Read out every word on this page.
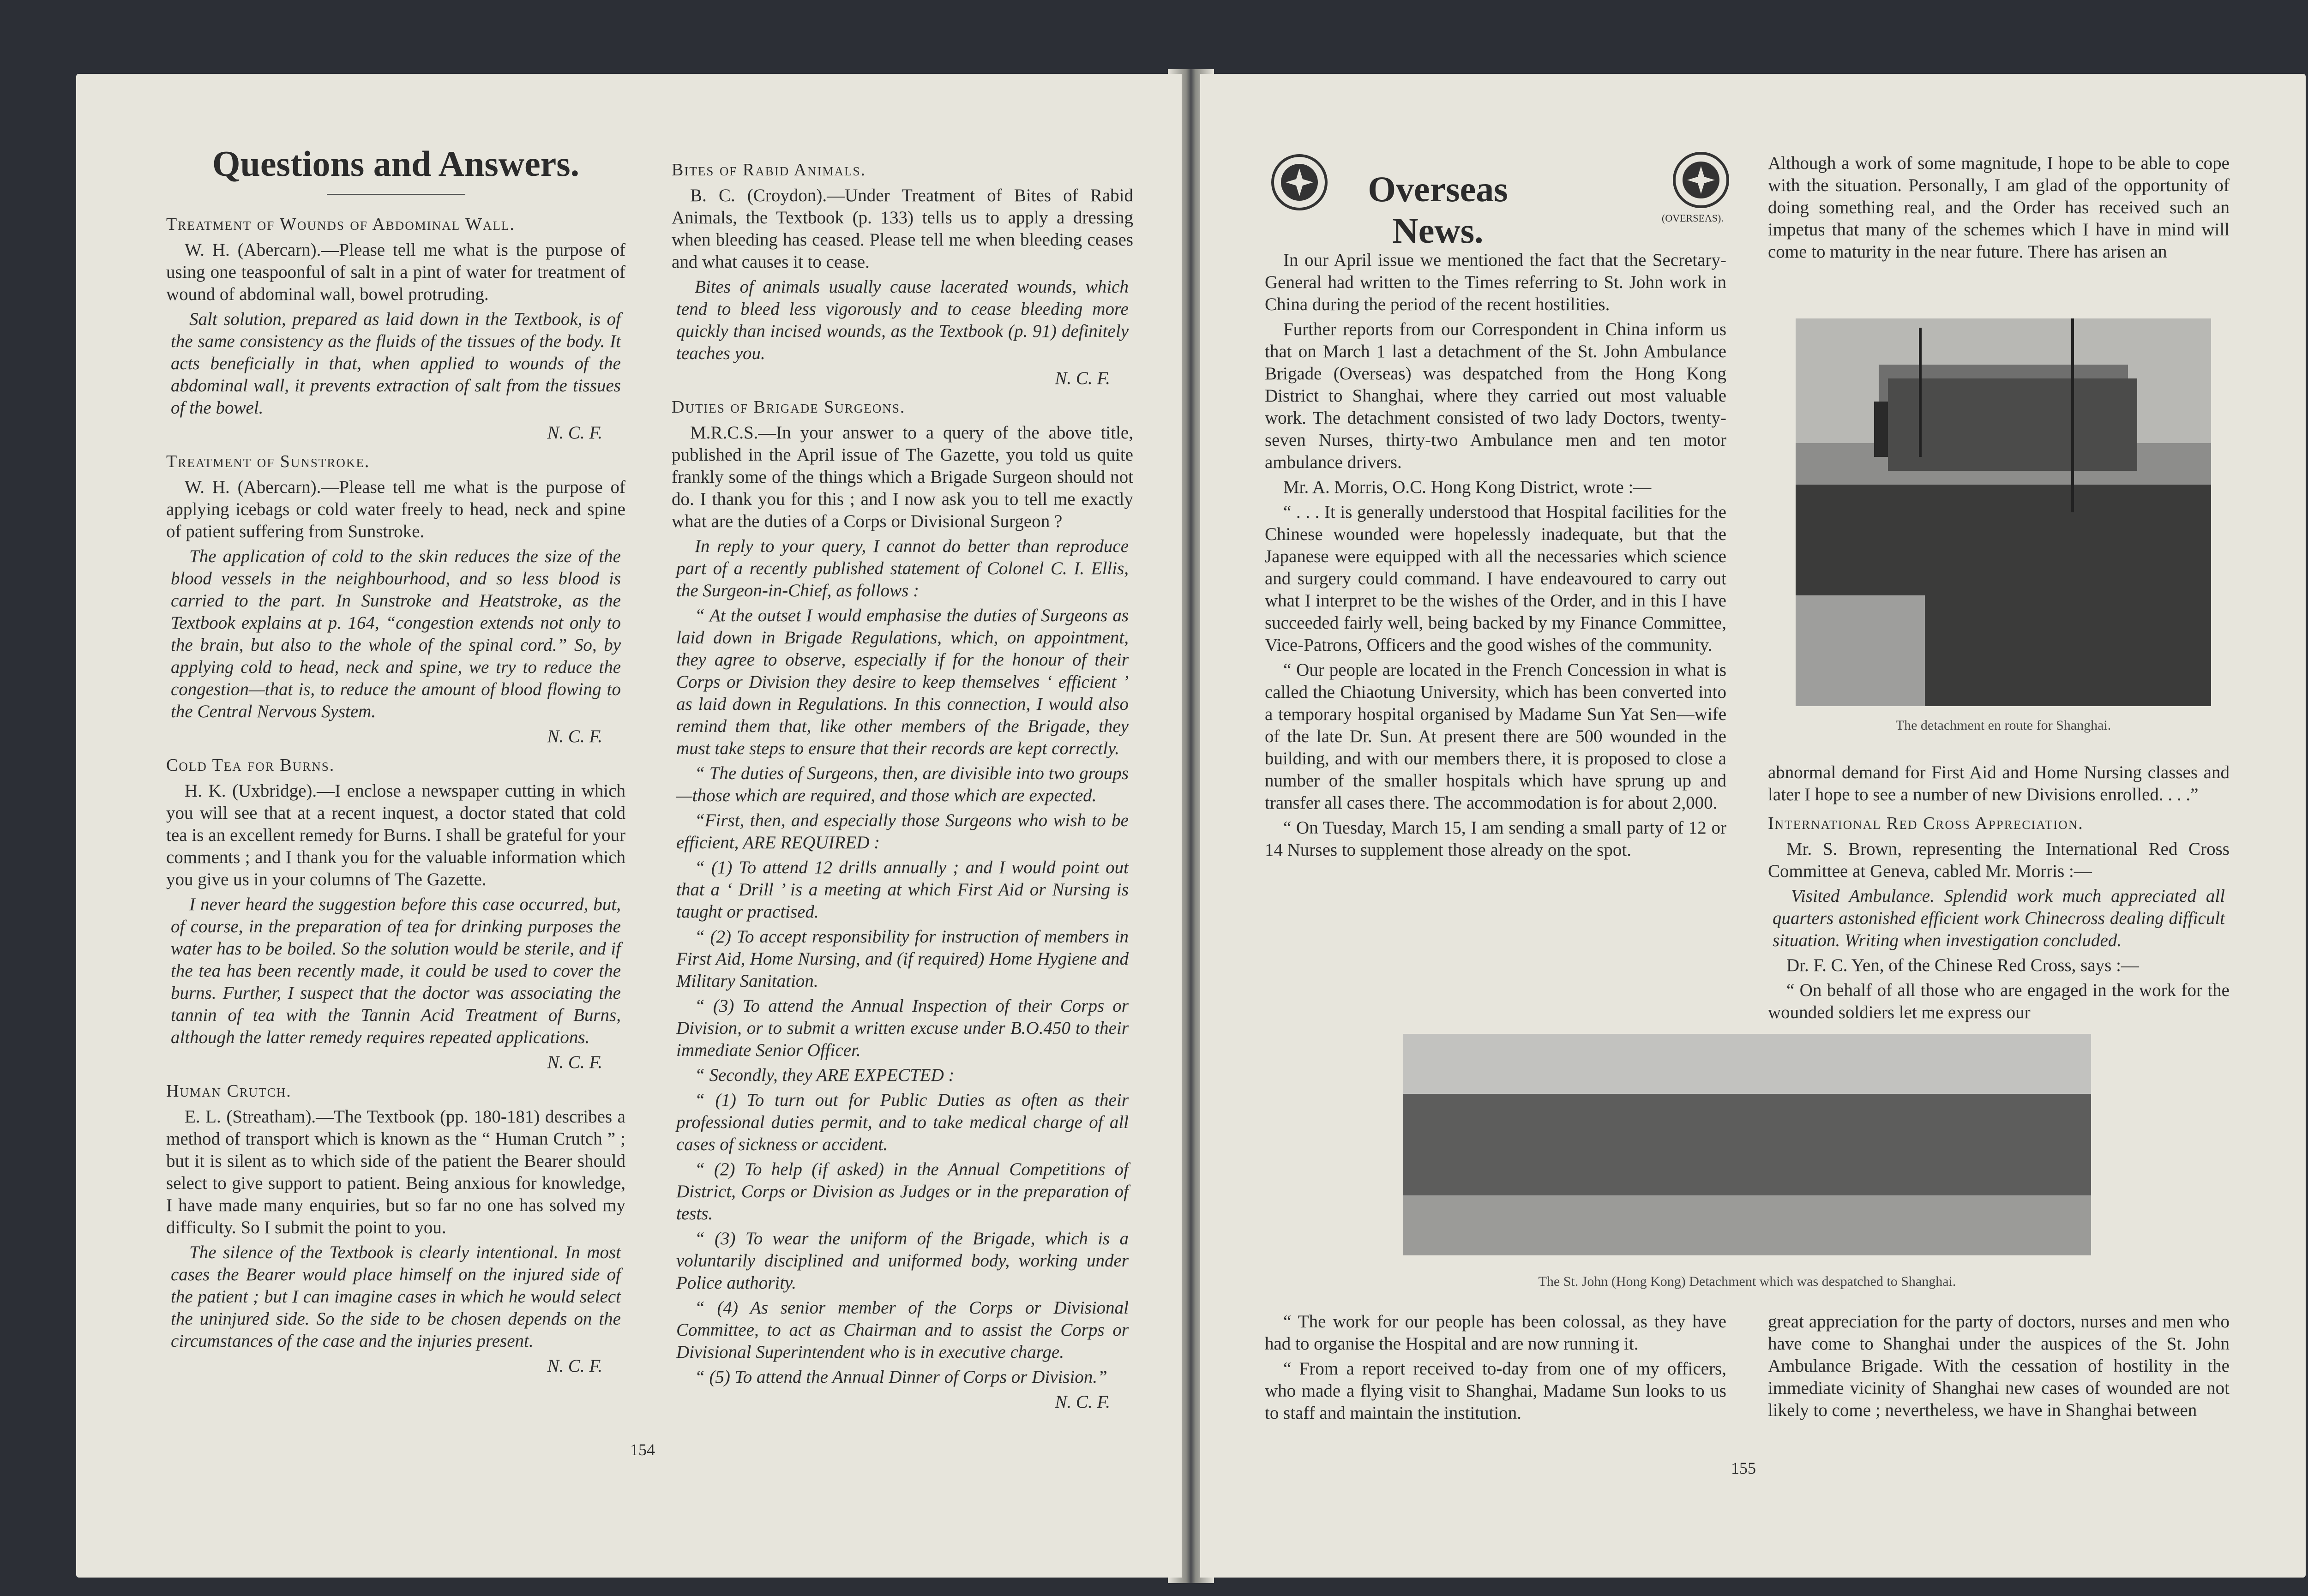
Questions and Answers.
Treatment of Wounds of Abdominal Wall.

W. H. (Abercarn).—Please tell me what is the purpose of using one teaspoonful of salt in a pint of water for treatment of wound of abdominal wall, bowel protruding.

Salt solution, prepared as laid down in the Textbook, is of the same consistency as the fluids of the tissues of the body. It acts beneficially in that, when applied to wounds of the abdominal wall, it prevents extraction of salt from the tissues of the bowel.

N. C. F.
Treatment of Sunstroke.

W. H. (Abercarn).—Please tell me what is the purpose of applying icebags or cold water freely to head, neck and spine of patient suffering from Sunstroke.

The application of cold to the skin reduces the size of the blood vessels in the neighbourhood, and so less blood is carried to the part. In Sunstroke and Heatstroke, as the Textbook explains at p. 164, “congestion extends not only to the brain, but also to the whole of the spinal cord.” So, by applying cold to head, neck and spine, we try to reduce the congestion—that is, to reduce the amount of blood flowing to the Central Nervous System.

N. C. F.
Cold Tea for Burns.

H. K. (Uxbridge).—I enclose a newspaper cutting in which you will see that at a recent inquest, a doctor stated that cold tea is an excellent remedy for Burns. I shall be grateful for your comments ; and I thank you for the valuable information which you give us in your columns of The Gazette.

I never heard the suggestion before this case occurred, but, of course, in the preparation of tea for drinking purposes the water has to be boiled. So the solution would be sterile, and if the tea has been recently made, it could be used to cover the burns. Further, I suspect that the doctor was associating the tannin of tea with the Tannin Acid Treatment of Burns, although the latter remedy requires repeated applications.

N. C. F.
Human Crutch.

E. L. (Streatham).—The Textbook (pp. 180-181) describes a method of transport which is known as the “ Human Crutch ” ; but it is silent as to which side of the patient the Bearer should select to give support to patient. Being anxious for knowledge, I have made many enquiries, but so far no one has solved my difficulty. So I submit the point to you.

The silence of the Textbook is clearly intentional. In most cases the Bearer would place himself on the injured side of the patient ; but I can imagine cases in which he would select the uninjured side. So the side to be chosen depends on the circumstances of the case and the injuries present.

N. C. F.
Bites of Rabid Animals.

B. C. (Croydon).—Under Treatment of Bites of Rabid Animals, the Textbook (p. 133) tells us to apply a dressing when bleeding has ceased. Please tell me when bleeding ceases and what causes it to cease.

Bites of animals usually cause lacerated wounds, which tend to bleed less vigorously and to cease bleeding more quickly than incised wounds, as the Textbook (p. 91) definitely teaches you.

N. C. F.
Duties of Brigade Surgeons.

M.R.C.S.—In your answer to a query of the above title, published in the April issue of The Gazette, you told us quite frankly some of the things which a Brigade Surgeon should not do. I thank you for this ; and I now ask you to tell me exactly what are the duties of a Corps or Divisional Surgeon ?

In reply to your query, I cannot do better than reproduce part of a recently published statement of Colonel C. I. Ellis, the Surgeon-in-Chief, as follows :

“ At the outset I would emphasise the duties of Surgeons as laid down in Brigade Regulations, which, on appointment, they agree to observe, especially if for the honour of their Corps or Division they desire to keep themselves ‘ efficient ’ as laid down in Regulations. In this connection, I would also remind them that, like other members of the Brigade, they must take steps to ensure that their records are kept correctly.

“ The duties of Surgeons, then, are divisible into two groups—those which are required, and those which are expected.

“First, then, and especially those Surgeons who wish to be efficient, ARE REQUIRED :

“ (1) To attend 12 drills annually ; and I would point out that a ‘ Drill ’ is a meeting at which First Aid or Nursing is taught or practised.

“ (2) To accept responsibility for instruction of members in First Aid, Home Nursing, and (if required) Home Hygiene and Military Sanitation.

“ (3) To attend the Annual Inspection of their Corps or Division, or to submit a written excuse under B.O.450 to their immediate Senior Officer.

“ Secondly, they ARE EXPECTED :

“ (1) To turn out for Public Duties as often as their professional duties permit, and to take medical charge of all cases of sickness or accident.

“ (2) To help (if asked) in the Annual Competitions of District, Corps or Division as Judges or in the preparation of tests.

“ (3) To wear the uniform of the Brigade, which is a voluntarily disciplined and uniformed body, working under Police authority.

“ (4) As senior member of the Corps or Divisional Committee, to act as Chairman and to assist the Corps or Divisional Superintendent who is in executive charge.

“ (5) To attend the Annual Dinner of Corps or Division.”

N. C. F.
154
Overseas News.	(OVERSEAS).

In our April issue we mentioned the fact that the Secretary-General had written to the Times referring to St. John work in China during the period of the recent hostilities.

Further reports from our Correspondent in China inform us that on March 1 last a detachment of the St. John Ambulance Brigade (Overseas) was despatched from the Hong Kong District to Shanghai, where they carried out most valuable work. The detachment consisted of two lady Doctors, twenty-seven Nurses, thirty-two Ambulance men and ten motor ambulance drivers.

Mr. A. Morris, O.C. Hong Kong District, wrote :—

“ . . . It is generally understood that Hospital facilities for the Chinese wounded were hopelessly inadequate, but that the Japanese were equipped with all the necessaries which science and surgery could command. I have endeavoured to carry out what I interpret to be the wishes of the Order, and in this I have succeeded fairly well, being backed by my Finance Committee, Vice-Patrons, Officers and the good wishes of the community.

“ Our people are located in the French Concession in what is called the Chiaotung University, which has been converted into a temporary hospital organised by Madame Sun Yat Sen—wife of the late Dr. Sun. At present there are 500 wounded in the building, and with our members there, it is proposed to close a number of the smaller hospitals which have sprung up and transfer all cases there. The accommodation is for about 2,000.

“ On Tuesday, March 15, I am sending a small party of 12 or 14 Nurses to supplement those already on the spot.

Although a work of some magnitude, I hope to be able to cope with the situation. Personally, I am glad of the opportunity of doing something real, and the Order has received such an impetus that many of the schemes which I have in mind will come to maturity in the near future. There has arisen an

The detachment en route for Shanghai.

abnormal demand for First Aid and Home Nursing classes and later I hope to see a number of new Divisions enrolled. . . .”

International Red Cross Appreciation.

Mr. S. Brown, representing the International Red Cross Committee at Geneva, cabled Mr. Morris :—

Visited Ambulance. Splendid work much appreciated all quarters astonished efficient work Chinecross dealing difficult situation. Writing when investigation concluded.

Dr. F. C. Yen, of the Chinese Red Cross, says :—

“ On behalf of all those who are engaged in the work for the wounded soldiers let me express our

The St. John (Hong Kong) Detachment which was despatched to Shanghai.

“ The work for our people has been colossal, as they have had to organise the Hospital and are now running it.

“ From a report received to-day from one of my officers, who made a flying visit to Shanghai, Madame Sun looks to us to staff and maintain the institution.

great appreciation for the party of doctors, nurses and men who have come to Shanghai under the auspices of the St. John Ambulance Brigade. With the cessation of hostility in the immediate vicinity of Shanghai new cases of wounded are not likely to come ; nevertheless, we have in Shanghai between

155
